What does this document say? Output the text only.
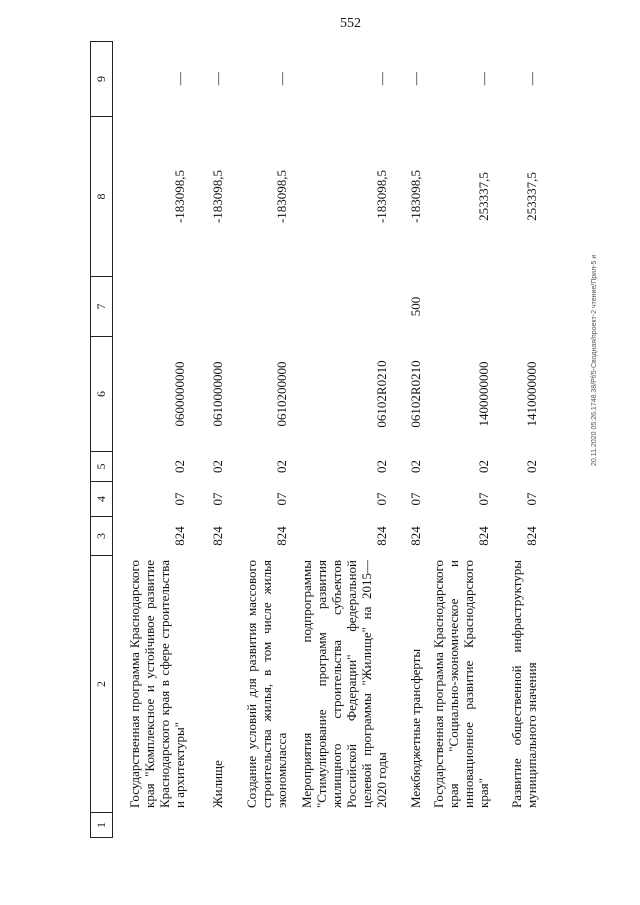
552
20.11.2020 05:26.1748.38/Pf/5-Сводная/проект-2 чтение/Прил-5 и
1	2	3	4	5	6	7	8	9
	Государственная программа Краснодарского края "Комплексное и устойчивое развитие Краснодарского края в сфере строительства и архитектуры"	824	07	02	0600000000		-183098,5	—
	Жилище	824	07	02	0610000000		-183098,5	—
	Создание условий для развития массового строительства жилья, в том числе жилья экономкласса	824	07	02	0610200000		-183098,5	—
	Мероприятия подпрограммы "Стимулирование программ развития жилищного строительства субъектов Российской Федерации" федеральной целевой программы "Жилище" на 2015—2020 годы	824	07	02	06102R0210		-183098,5	—
	Межбюджетные трансферты	824	07	02	06102R0210	500	-183098,5	—
	Государственная программа Краснодарского края "Социально-экономическое и инновационное развитие Краснодарского края"	824	07	02	1400000000		253337,5	—
	Развитие общественной инфраструктуры муниципального значения	824	07	02	1410000000		253337,5	—
